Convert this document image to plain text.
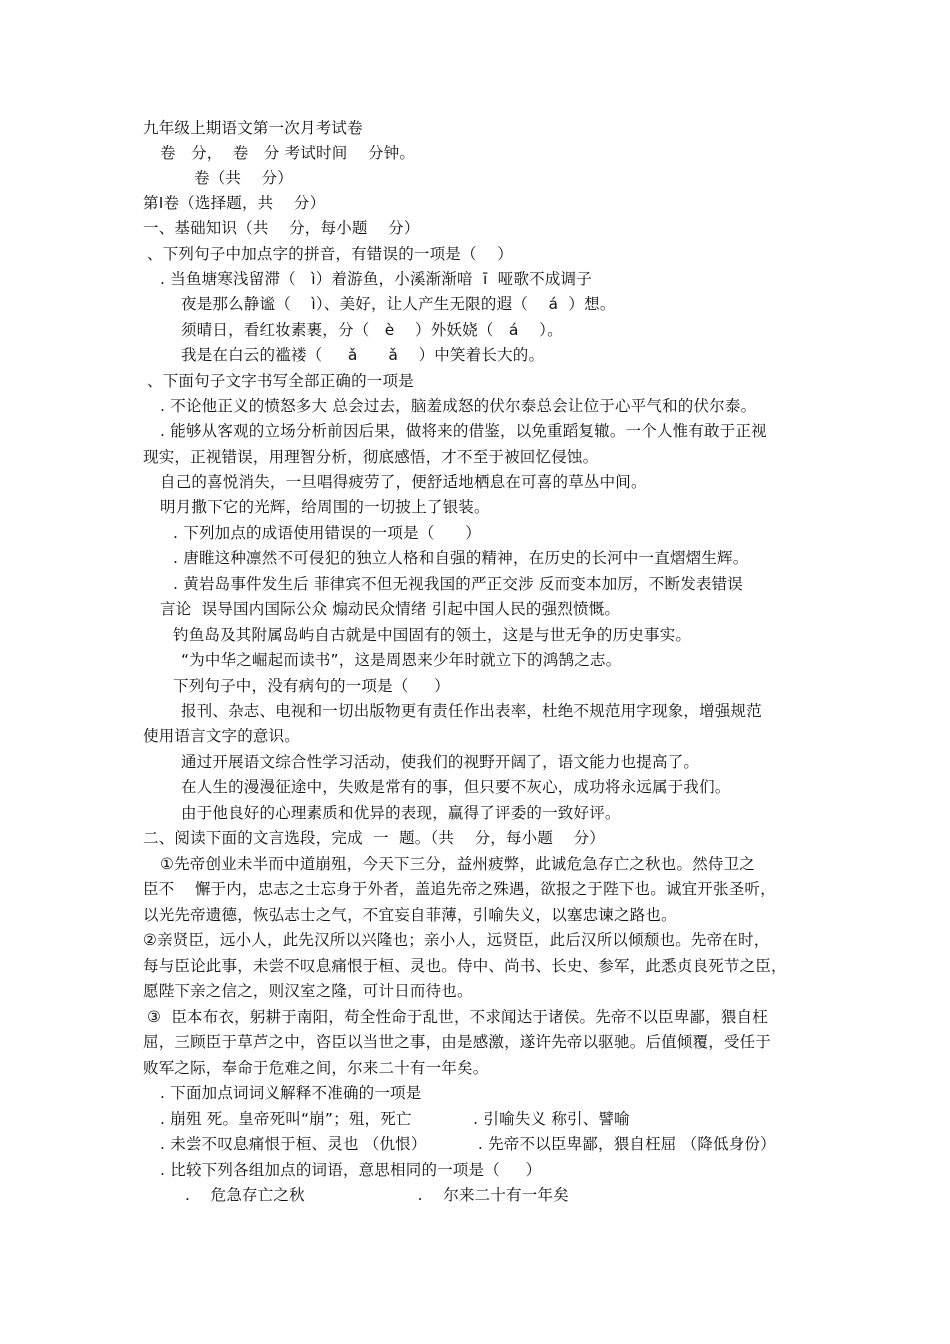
九年级上期语文第一次月考试卷
卷   分，  卷   分 考试时间    分钟。
卷（共    分）
第Ⅰ卷（选择题，共    分）
一、基础知识（共    分，每小题    分）
、下列句子中加点字的拼音，有错误的一项是（    ）
. 当鱼塘寒浅留滞（   ì）着游鱼，小溪渐渐喑  ī  哑歌不成调子
夜是那么静谧（    ì）、美好，让人产生无限的遐（    á  ）想。
须晴日，看红妆素裹，分（   è    ）外妖娆（   á    ）。
我是在白云的褴褛（     ǎ      ǎ    ）中笑着长大的。
、下面句子文字书写全部正确的一项是
. 不论他正义的愤怒多大 总会过去，脑羞成怒的伏尔泰总会让位于心平气和的伏尔泰。
. 能够从客观的立场分析前因后果，做将来的借鉴，以免重蹈复辙。一个人惟有敢于正视
现实，正视错误，用理智分析，彻底感悟，才不至于被回忆侵蚀。
自己的喜悦消失，一旦唱得疲劳了，便舒适地栖息在可喜的草丛中间。
明月撒下它的光辉，给周围的一切披上了银装。
. 下列加点的成语使用错误的一项是（      ）
. 唐睢这种凛然不可侵犯的独立人格和自强的精神，在历史的长河中一直熠熠生辉。
. 黄岩岛事件发生后 菲律宾不但无视我国的严正交涉 反而变本加厉，不断发表错误
言论  误导国内国际公众 煽动民众情绪 引起中国人民的强烈愤慨。
钓鱼岛及其附属岛屿自古就是中国固有的领土，这是与世无争的历史事实。
“为中华之崛起而读书”，这是周恩来少年时就立下的鸿鹄之志。
下列句子中，没有病句的一项是（     ）
报刊、杂志、电视和一切出版物更有责任作出表率，杜绝不规范用字现象，增强规范
使用语言文字的意识。
通过开展语文综合性学习活动，使我们的视野开阔了，语文能力也提高了。
在人生的漫漫征途中，失败是常有的事，但只要不灰心，成功将永远属于我们。
由于他良好的心理素质和优异的表现，赢得了评委的一致好评。
二、阅读下面的文言选段，完成  一  题。（共    分，每小题    分）
①先帝创业未半而中道崩殂，今天下三分，益州疲弊，此诚危急存亡之秋也。然侍卫之
臣不    懈于内，忠志之士忘身于外者，盖追先帝之殊遇，欲报之于陛下也。诚宜开张圣听，
以光先帝遗德，恢弘志士之气，不宜妄自菲薄，引喻失义，以塞忠谏之路也。
②亲贤臣，远小人，此先汉所以兴隆也；亲小人，远贤臣，此后汉所以倾颓也。先帝在时，
每与臣论此事，未尝不叹息痛恨于桓、灵也。侍中、尚书、长史、参军，此悉贞良死节之臣，
愿陛下亲之信之，则汉室之隆，可计日而待也。
③  臣本布衣，躬耕于南阳，苟全性命于乱世，不求闻达于诸侯。先帝不以臣卑鄙，猥自枉
屈，三顾臣于草芦之中，咨臣以当世之事，由是感激，遂许先帝以驱驰。后值倾覆，受任于
败军之际，奉命于危难之间，尔来二十有一年矣。
. 下面加点词词义解释不准确的一项是
. 崩殂 死。皇帝死叫“崩”；殂，死亡            . 引喻失义 称引、譬喻
. 未尝不叹息痛恨于桓、灵也 （仇恨）          . 先帝不以臣卑鄙，猥自枉屈 （降低身份）
. 比较下列各组加点的词语，意思相同的一项是（     ）
.    危急存亡之秋                      .    尔来二十有一年矣
